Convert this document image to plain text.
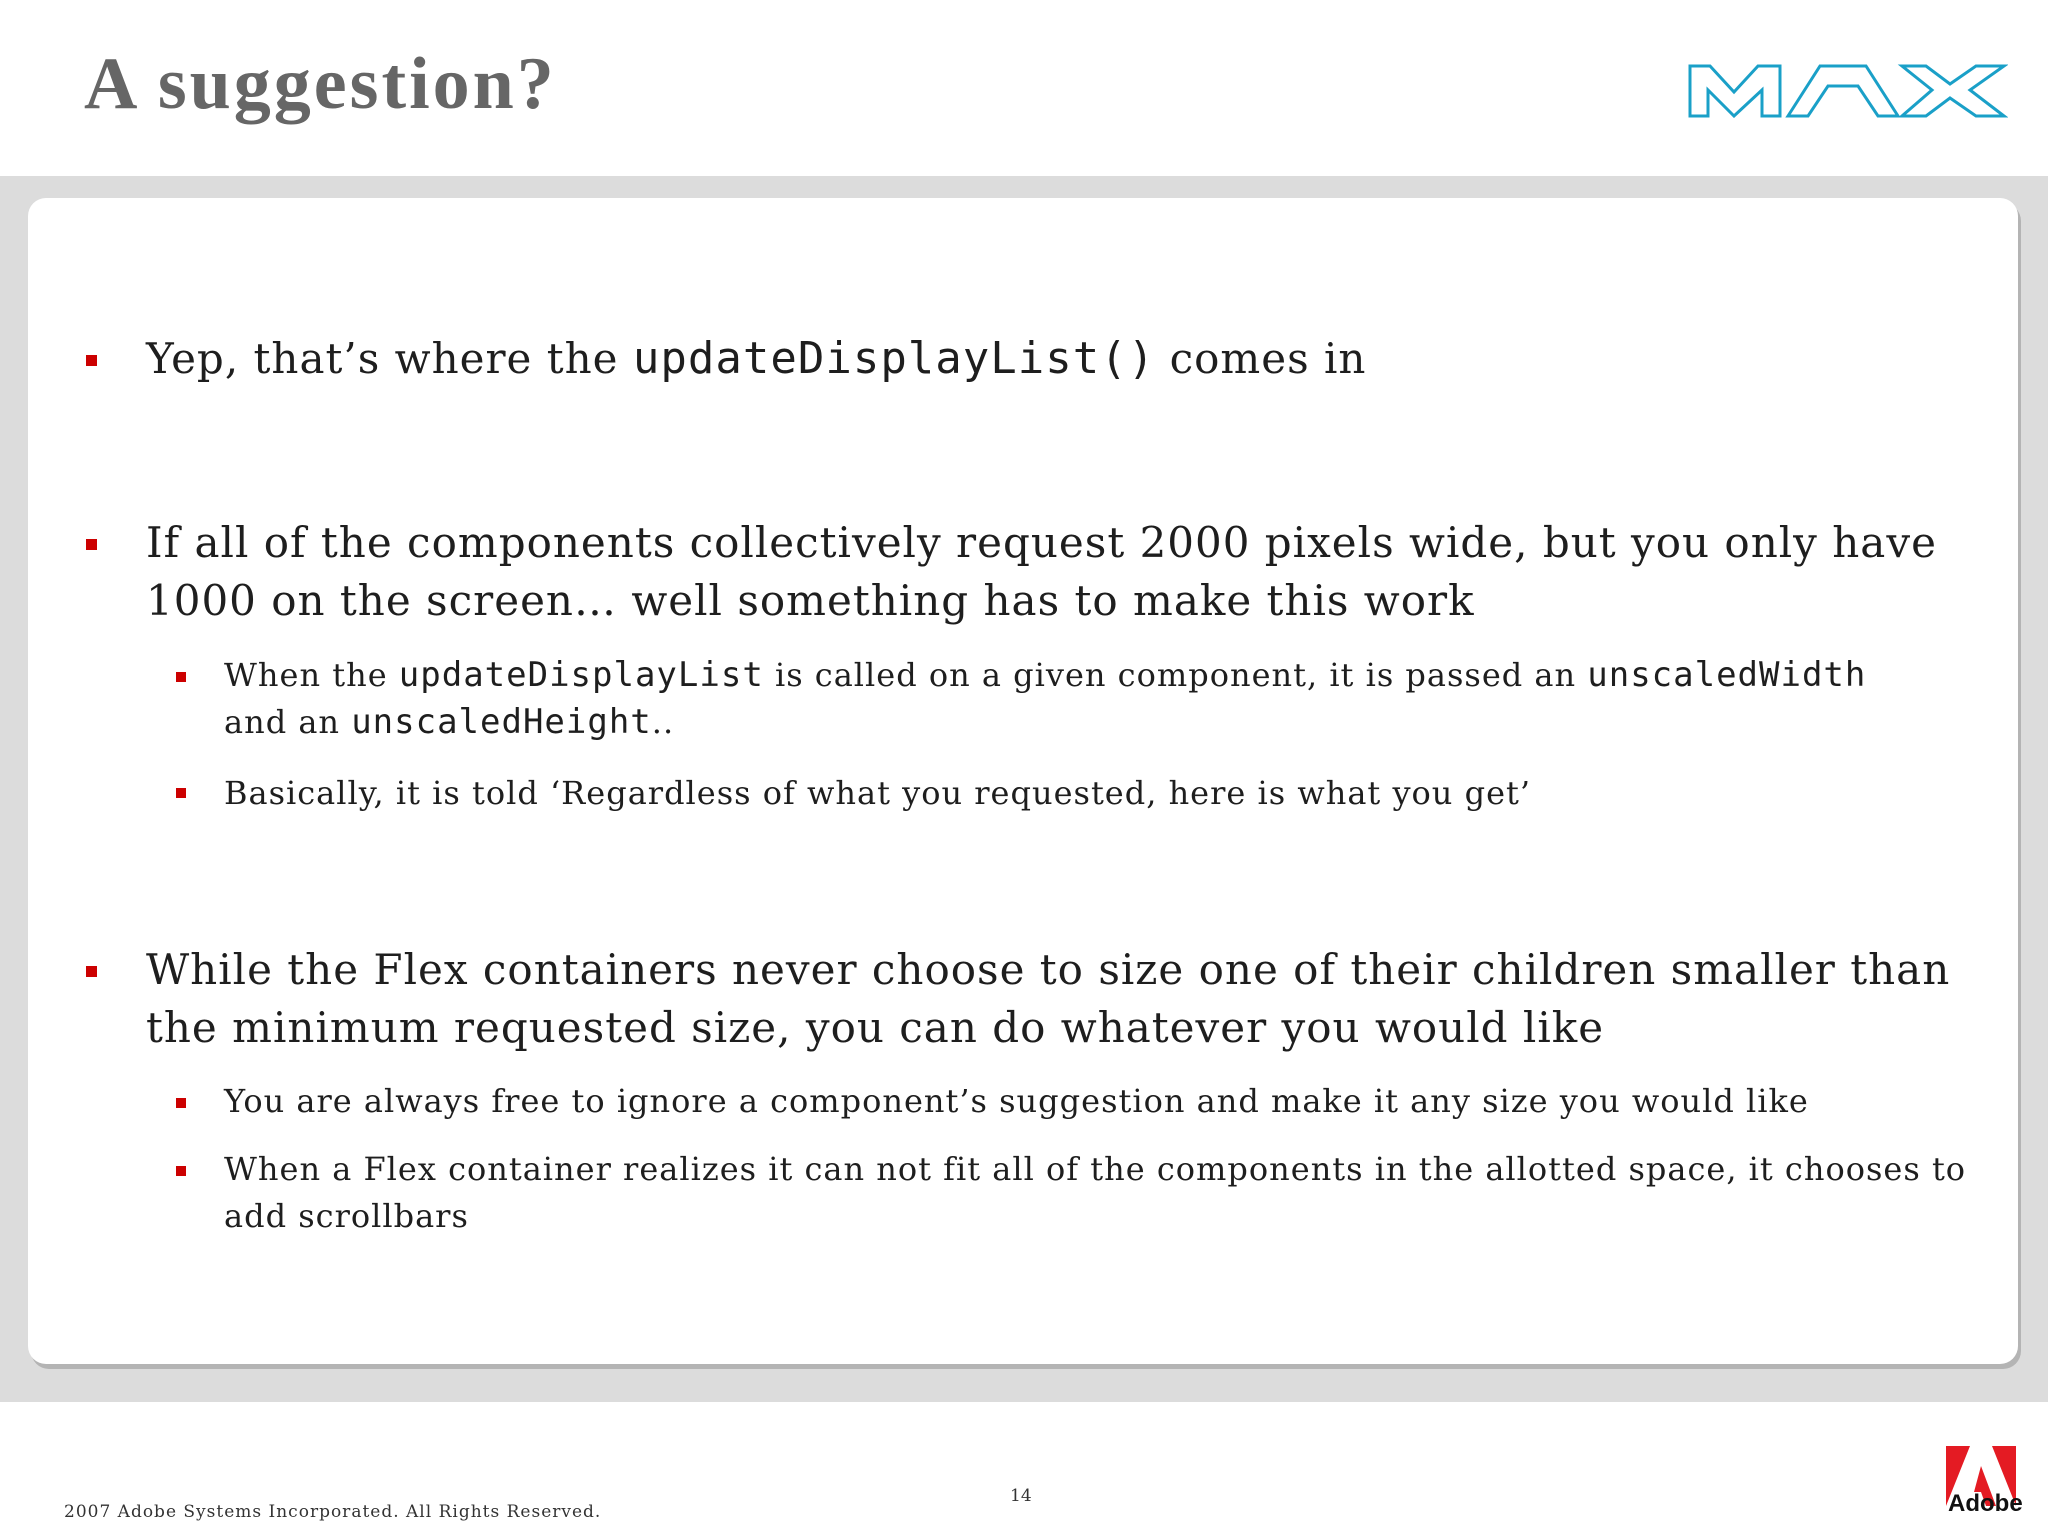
A suggestion?

Yep, that’s where the updateDisplayList() comes in

If all of the components collectively request 2000 pixels wide, but you only have
1000 on the screen… well something has to make this work

When the updateDisplayList is called on a given component, it is passed an unscaledWidth
and an unscaledHeight..

Basically, it is told ‘Regardless of what you requested, here is what you get’

While the Flex containers never choose to size one of their children smaller than
the minimum requested size, you can do whatever you would like

You are always free to ignore a component’s suggestion and make it any size you would like

When a Flex container realizes it can not fit all of the components in the allotted space, it chooses to
add scrollbars

14
2007 Adobe Systems Incorporated. All Rights Reserved.	Adobe
